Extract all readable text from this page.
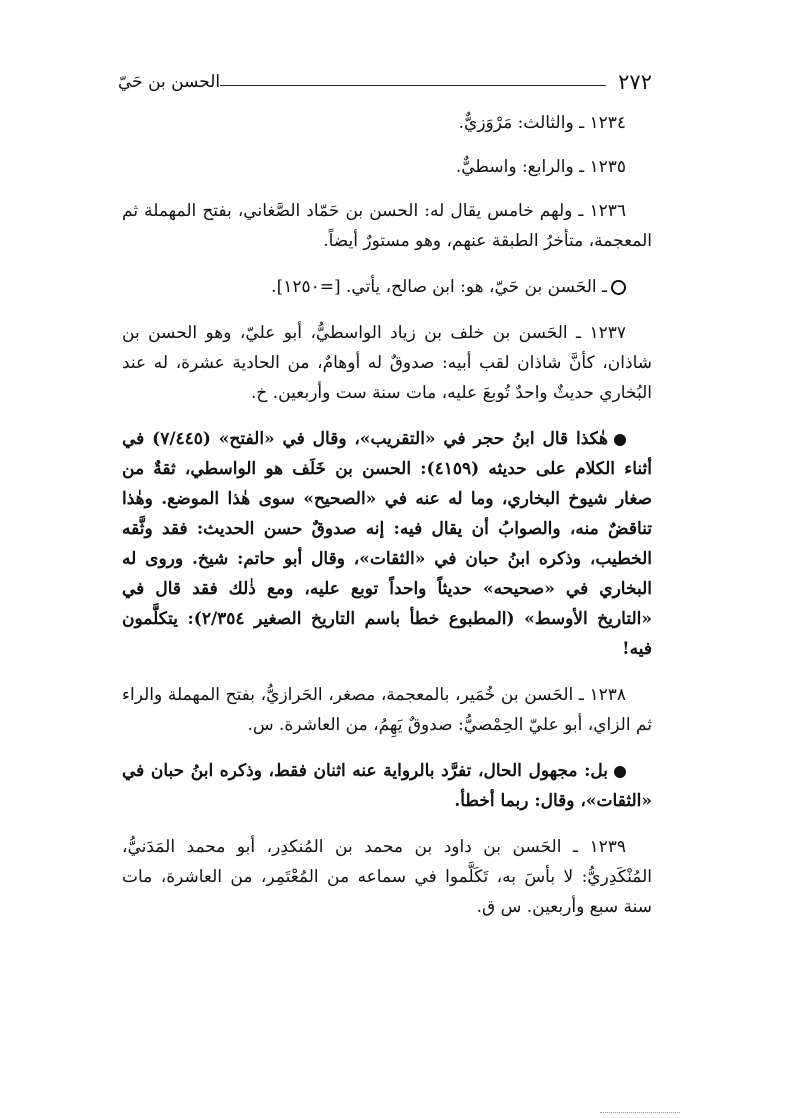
٢٧٢
الحسن بن حَيّ

١٢٣٤ ـ والثالث: مَرْوَزيٌّ.

١٢٣٥ ـ والرابع: واسطيٌّ.

١٢٣٦ ـ ولهم خامس يقال له: الحسن بن حَمّاد الصَّغاني، بفتح المهملة ثم المعجمة، متأخرُ الطبقة عنهم، وهو مستورٌ أيضاً.

ـ الحَسن بن حَيّ، هو: ابن صالح، يأتي. [=١٢٥٠].

١٢٣٧ ـ الحَسن بن خلف بن زياد الواسطيُّ، أبو عليّ، وهو الحسن بن شاذان، كأنَّ شاذان لقب أبيه: صدوقٌ له أوهامٌ، من الحادية عشرة، له عند البُخاري حديثٌ واحدٌ تُوبعَ عليه، مات سنة ست وأربعين. خ.

هٰكذا قال ابنُ حجر في «التقريب»، وقال في «الفتح» (٧/٤٤٥) في أثناء الكلام على حديثه (٤١٥٩): الحسن بن خَلَف هو الواسطي، ثقةٌ من صغار شيوخ البخاري، وما له عنه في «الصحيح» سوى هٰذا الموضع. وهٰذا تناقضٌ منه، والصوابُ أن يقال فيه: إنه صدوقٌ حسن الحديث: فقد وثَّقه الخطيب، وذكره ابنُ حبان في «الثقات»، وقال أبو حاتم: شيخ. وروى له البخاري في «صحيحه» حديثاً واحداً توبع عليه، ومع ذٰلك فقد قال في «التاريخ الأوسط» (المطبوع خطأ باسم التاريخ الصغير ٢/٣٥٤): يتكلَّمون فيه!

١٢٣٨ ـ الحَسن بن خُمَير، بالمعجمة، مصغر، الحَرازيُّ، بفتح المهملة والراء ثم الزاي، أبو عليّ الحِمْصيُّ: صدوقٌ يَهِمُ، من العاشرة. س.

بل: مجهول الحال، تفرَّد بالرواية عنه اثنان فقط، وذكره ابنُ حبان في «الثقات»، وقال: ربما أخطأ.

١٢٣٩ ـ الحَسن بن داود بن محمد بن المُنكدِر، أبو محمد المَدَنيُّ، المُنْكَدِريُّ: لا بأسَ به، تَكَلَّموا في سماعه من المُعْتَمِر، من العاشرة، مات سنة سبع وأربعين. س ق.
